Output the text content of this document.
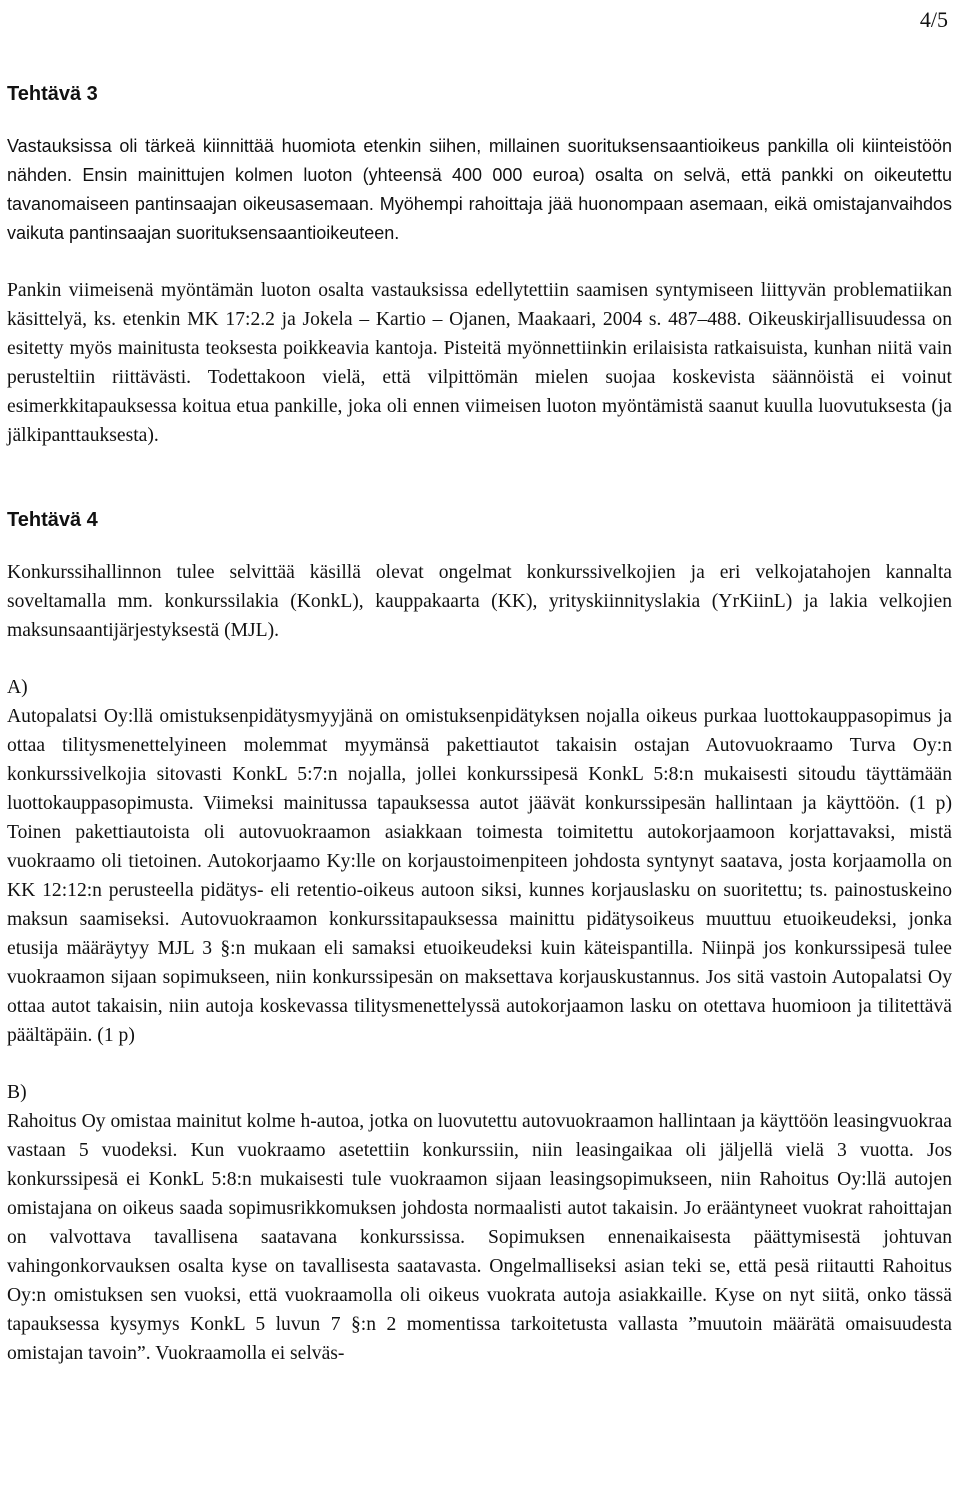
4/5
Tehtävä 3

Vastauksissa oli tärkeä kiinnittää huomiota etenkin siihen, millainen suorituksensaantioikeus pankilla oli kiinteistöön nähden. Ensin mainittujen kolmen luoton (yhteensä 400 000 euroa) osalta on selvä, että pankki on oikeutettu tavanomaiseen pantinsaajan oikeusasemaan. Myöhempi rahoittaja jää huonompaan asemaan, eikä omistajanvaihdos vaikuta pantinsaajan suorituksensaantioikeuteen.

Pankin viimeisenä myöntämän luoton osalta vastauksissa edellytettiin saamisen syntymiseen liittyvän problematiikan käsittelyä, ks. etenkin MK 17:2.2 ja Jokela – Kartio – Ojanen, Maakaari, 2004 s. 487–488. Oikeuskirjallisuudessa on esitetty myös mainitusta teoksesta poikkeavia kantoja. Pisteitä myönnettiinkin erilaisista ratkaisuista, kunhan niitä vain perusteltiin riittävästi. Todettakoon vielä, että vilpittömän mielen suojaa koskevista säännöistä ei voinut esimerkkitapauksessa koitua etua pankille, joka oli ennen viimeisen luoton myöntämistä saanut kuulla luovutuksesta (ja jälkipanttauksesta).

Tehtävä 4

Konkurssihallinnon tulee selvittää käsillä olevat ongelmat konkurssivelkojien ja eri velkojatahojen kannalta soveltamalla mm. konkurssilakia (KonkL), kauppakaarta (KK), yrityskiinnityslakia (YrKiinL) ja lakia velkojien maksunsaantijärjestyksestä (MJL).

A)

Autopalatsi Oy:llä omistuksenpidätysmyyjänä on omistuksenpidätyksen nojalla oikeus purkaa luottokauppasopimus ja ottaa tilitysmenettelyineen molemmat myymänsä pakettiautot takaisin ostajan Autovuokraamo Turva Oy:n konkurssivelkojia sitovasti KonkL 5:7:n nojalla, jollei konkurssipesä KonkL 5:8:n mukaisesti sitoudu täyttämään luottokauppasopimusta. Viimeksi mainitussa tapauksessa autot jäävät konkurssipesän hallintaan ja käyttöön. (1 p) Toinen pakettiautoista oli autovuokraamon asiakkaan toimesta toimitettu autokorjaamoon korjattavaksi, mistä vuokraamo oli tietoinen. Autokorjaamo Ky:lle on korjaustoimenpiteen johdosta syntynyt saatava, josta korjaamolla on KK 12:12:n perusteella pidätys- eli retentio-oikeus autoon siksi, kunnes korjauslasku on suoritettu; ts. painostuskeino maksun saamiseksi. Autovuokraamon konkurssitapauksessa mainittu pidätysoikeus muuttuu etuoikeudeksi, jonka etusija määräytyy MJL 3 §:n mukaan eli samaksi etuoikeudeksi kuin käteispantilla. Niinpä jos konkurssipesä tulee vuokraamon sijaan sopimukseen, niin konkurssipesän on maksettava korjauskustannus. Jos sitä vastoin Autopalatsi Oy ottaa autot takaisin, niin autoja koskevassa tilitysmenettelyssä autokorjaamon lasku on otettava huomioon ja tilitettävä päältäpäin. (1 p)

B)

Rahoitus Oy omistaa mainitut kolme h-autoa, jotka on luovutettu autovuokraamon hallintaan ja käyttöön leasingvuokraa vastaan 5 vuodeksi. Kun vuokraamo asetettiin konkurssiin, niin leasingaikaa oli jäljellä vielä 3 vuotta. Jos konkurssipesä ei KonkL 5:8:n mukaisesti tule vuokraamon sijaan leasingsopimukseen, niin Rahoitus Oy:llä autojen omistajana on oikeus saada sopimusrikkomuksen johdosta normaalisti autot takaisin. Jo erääntyneet vuokrat rahoittajan on valvottava tavallisena saatavana konkurssissa. Sopimuksen ennenaikaisesta päättymisestä johtuvan vahingonkorvauksen osalta kyse on tavallisesta saatavasta. Ongelmalliseksi asian teki se, että pesä riitautti Rahoitus Oy:n omistuksen sen vuoksi, että vuokraamolla oli oikeus vuokrata autoja asiakkaille. Kyse on nyt siitä, onko tässä tapauksessa kysymys KonkL 5 luvun 7 §:n 2 momentissa tarkoitetusta vallasta ”muutoin määrätä omaisuudesta omistajan tavoin”. Vuokraamolla ei selväs-
